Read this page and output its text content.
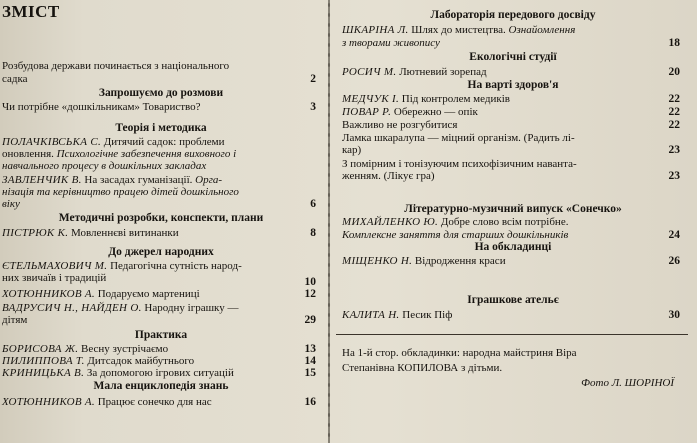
ЗМІСТ
Розбудова держави починається з національного
садка	2
Запрошуємо до розмови
Чи потрібне «дошкільникам» Товариство?	3
Теорія і методика
ПОЛАЧКІВСЬКА С. Дитячий садок: проблеми
оновлення. Психологічне забезпечення виховного і
навчального процесу в дошкільних закладах
ЗАВЛЕНЧИК В. На засадах гуманізації. Орга-
нізація та керівництво працею дітей дошкільного
віку	6
Методичні розробки, конспекти, плани
ПІСТРЮК К. Мовленнєві витинанки	8
До джерел народних
ЄТЕЛЬМАХОВИЧ М. Педагогічна сутність народ-
них звичаїв і традицій	10
ХОТЮННИКОВ А. Подаруємо мартениці	12
ВАДРУСИЧ Н., НАЙДЕН О. Народну іграшку —
дітям	29
Практика
БОРИСОВА Ж. Весну зустрічаємо	13
ПИЛИППОВА Т. Дитсадок майбутнього	14
КРИНИЦЬКА В. За допомогою ігрових ситуацій	15
Мала енциклопедія знань
ХОТЮННИКОВ А. Працює сонечко для нас	16
Лабораторія передового досвіду
ШКАРІНА Л. Шлях до мистецтва. Ознайомлення
з творами живопису	18
Екологічні студії
РОСИЧ М. Лютневий зорепад	20
На варті здоров'я
МЕДЧУК І. Під контролем медиків	22
ПОВАР Р. Обережно — опік	22
Важливо не розгубитися	22
Ламка шкаралупа — міцний організм. (Радить лі-
кар)	23
З помірним і тонізуючим психофізичним наванта-
женням. (Лікує гра)	23
Літературно-музичний випуск «Сонечко»
МИХАЙЛЕНКО Ю. Добре слово всім потрібне.
Комплексне заняття для старших дошкільників	24
На обкладинці
МІЩЕНКО Н. Відродження краси	26
Іграшкове ательє
КАЛИТА Н. Песик Піф	30
На 1-й стор. обкладинки: народна майстриня Віра
Степанівна КОПИЛОВА з дітьми.
Фото Л. ШОРІНОЇ
